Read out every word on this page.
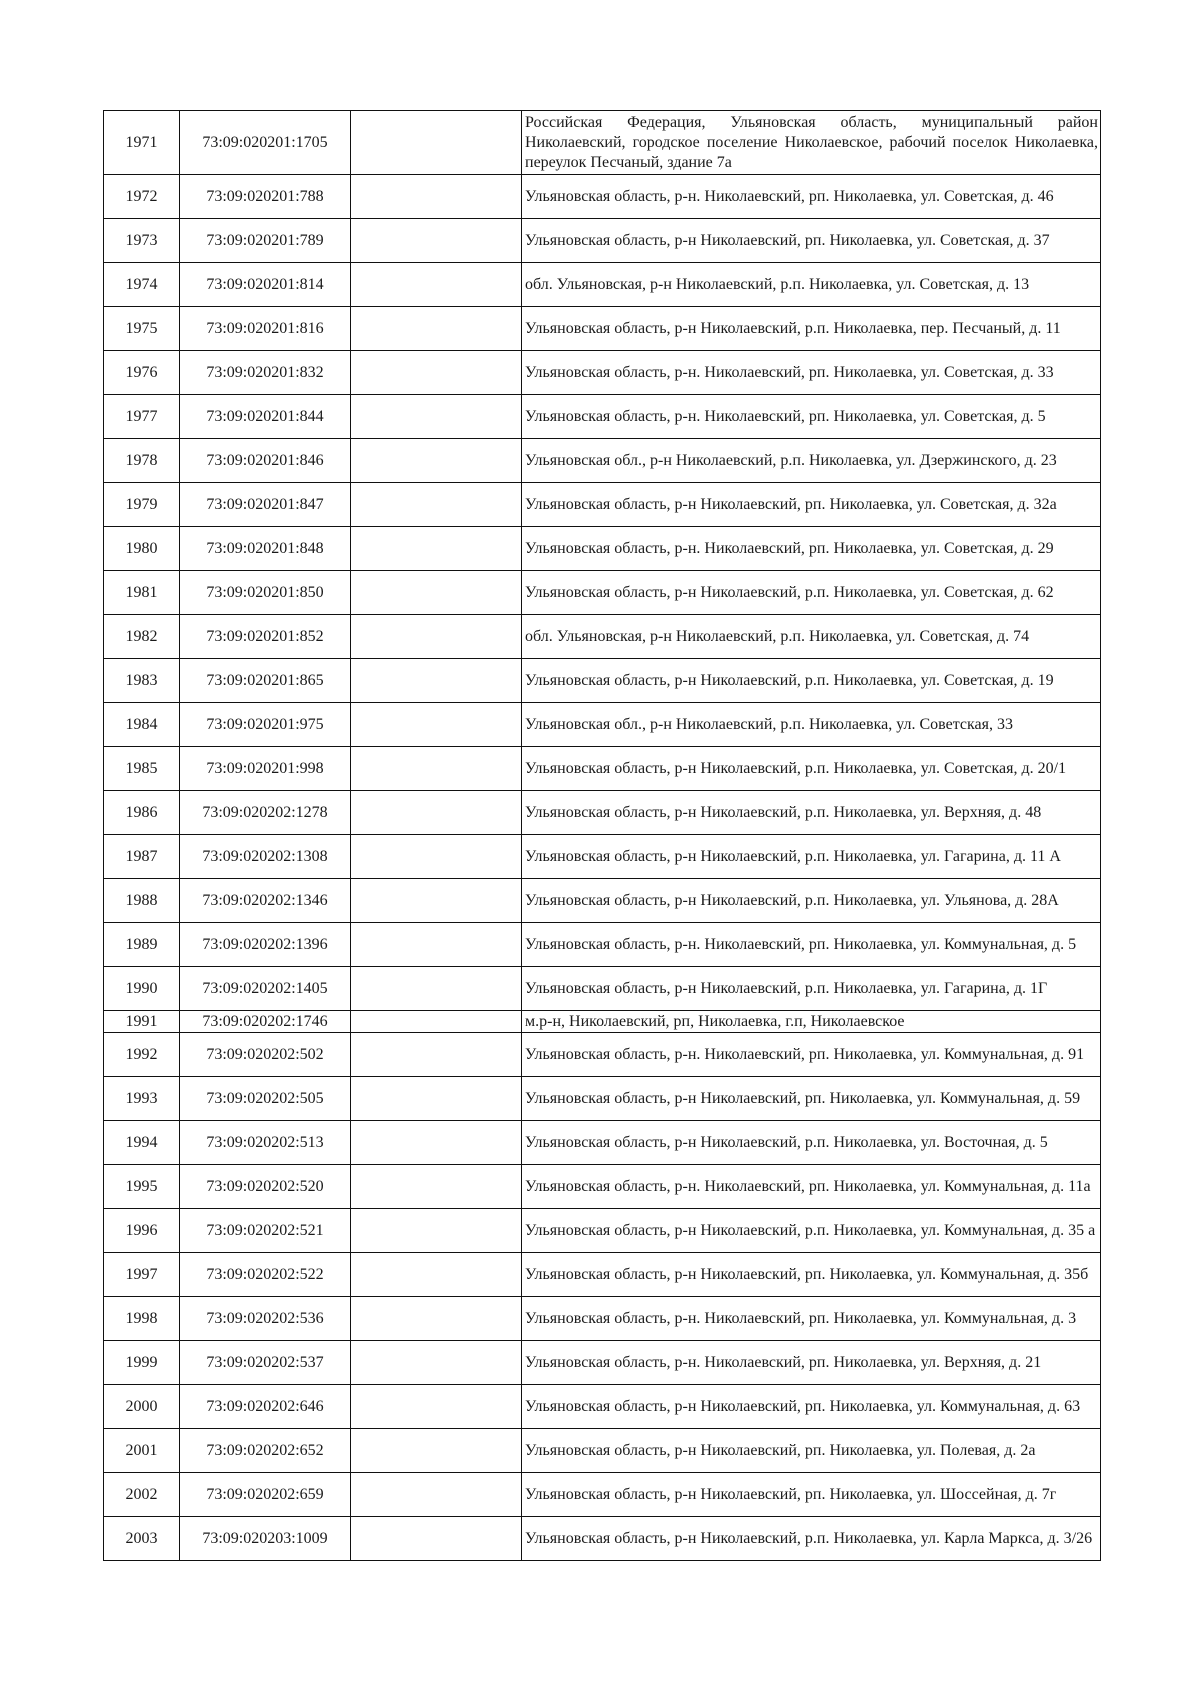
1971	73:09:020201:1705		Российская Федерация, Ульяновская область, муниципальный район Николаевский, городское поселение Николаевское, рабочий поселок Николаевка, переулок Песчаный, здание 7а
1972	73:09:020201:788		Ульяновская область, р-н. Николаевский, рп. Николаевка, ул. Советская, д. 46
1973	73:09:020201:789		Ульяновская область, р-н Николаевский, рп. Николаевка, ул. Советская, д. 37
1974	73:09:020201:814		обл. Ульяновская, р-н Николаевский, р.п. Николаевка, ул. Советская, д. 13
1975	73:09:020201:816		Ульяновская область, р-н Николаевский, р.п. Николаевка, пер. Песчаный, д. 11
1976	73:09:020201:832		Ульяновская область, р-н. Николаевский, рп. Николаевка, ул. Советская, д. 33
1977	73:09:020201:844		Ульяновская область, р-н. Николаевский, рп. Николаевка, ул. Советская, д. 5
1978	73:09:020201:846		Ульяновская обл., р-н Николаевский, р.п. Николаевка, ул. Дзержинского, д. 23
1979	73:09:020201:847		Ульяновская область, р-н Николаевский, рп. Николаевка, ул. Советская, д. 32а
1980	73:09:020201:848		Ульяновская область, р-н. Николаевский, рп. Николаевка, ул. Советская, д. 29
1981	73:09:020201:850		Ульяновская область, р-н Николаевский, р.п. Николаевка, ул. Советская, д. 62
1982	73:09:020201:852		обл. Ульяновская, р-н Николаевский, р.п. Николаевка, ул. Советская, д. 74
1983	73:09:020201:865		Ульяновская область, р-н Николаевский, р.п. Николаевка, ул. Советская, д. 19
1984	73:09:020201:975		Ульяновская обл., р-н Николаевский, р.п. Николаевка, ул. Советская, 33
1985	73:09:020201:998		Ульяновская область, р-н Николаевский, р.п. Николаевка, ул. Советская, д. 20/1
1986	73:09:020202:1278		Ульяновская область, р-н Николаевский, р.п. Николаевка, ул. Верхняя, д. 48
1987	73:09:020202:1308		Ульяновская область, р-н Николаевский, р.п. Николаевка, ул. Гагарина, д. 11 А
1988	73:09:020202:1346		Ульяновская область, р-н Николаевский, р.п. Николаевка, ул. Ульянова, д. 28А
1989	73:09:020202:1396		Ульяновская область, р-н. Николаевский, рп. Николаевка, ул. Коммунальная, д. 5
1990	73:09:020202:1405		Ульяновская область, р-н Николаевский, р.п. Николаевка, ул. Гагарина, д. 1Г
1991	73:09:020202:1746		м.р-н, Николаевский, рп, Николаевка, г.п, Николаевское
1992	73:09:020202:502		Ульяновская область, р-н. Николаевский, рп. Николаевка, ул. Коммунальная, д. 91
1993	73:09:020202:505		Ульяновская область, р-н Николаевский, рп. Николаевка, ул. Коммунальная, д. 59
1994	73:09:020202:513		Ульяновская область, р-н Николаевский, р.п. Николаевка, ул. Восточная, д. 5
1995	73:09:020202:520		Ульяновская область, р-н. Николаевский, рп. Николаевка, ул. Коммунальная, д. 11а
1996	73:09:020202:521		Ульяновская область, р-н Николаевский, р.п. Николаевка, ул. Коммунальная, д. 35 а
1997	73:09:020202:522		Ульяновская область, р-н Николаевский, рп. Николаевка, ул. Коммунальная, д. 35б
1998	73:09:020202:536		Ульяновская область, р-н. Николаевский, рп. Николаевка, ул. Коммунальная, д. 3
1999	73:09:020202:537		Ульяновская область, р-н. Николаевский, рп. Николаевка, ул. Верхняя, д. 21
2000	73:09:020202:646		Ульяновская область, р-н Николаевский, рп. Николаевка, ул. Коммунальная, д. 63
2001	73:09:020202:652		Ульяновская область, р-н Николаевский, рп. Николаевка, ул. Полевая, д. 2а
2002	73:09:020202:659		Ульяновская область, р-н Николаевский, рп. Николаевка, ул. Шоссейная, д. 7г
2003	73:09:020203:1009		Ульяновская область, р-н Николаевский, р.п. Николаевка, ул. Карла Маркса, д. 3/26
